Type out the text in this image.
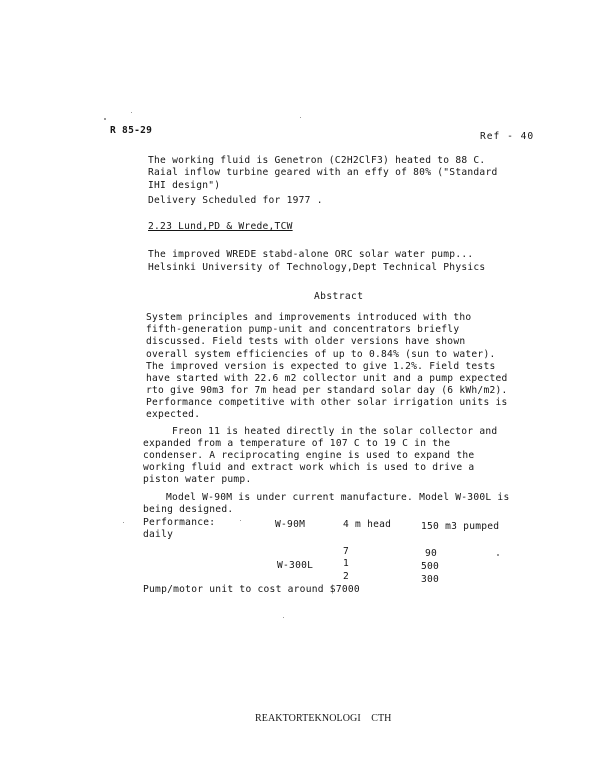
R 85-29
Ref - 40
The working fluid is Genetron (C2H2ClF3) heated to 88 C.
Raial inflow turbine geared with an effy of 80% ("Standard
IHI design")
Delivery Scheduled for 1977 .
2.23 Lund,PD & Wrede,TCW
The improved WREDE stabd-alone ORC solar water pump...
Helsinki University of Technology,Dept Technical Physics
Abstract
System principles and improvements introduced with tho
fifth-generation pump-unit and concentrators briefly
discussed. Field tests with older versions have shown
overall system efficiencies of up to 0.84% (sun to water).
The improved version is expected to give 1.2%. Field tests
have started with 22.6 m2 collector unit and a pump expected
rto give 90m3 for 7m head per standard solar day (6 kWh/m2).
Performance competitive with other solar irrigation units is
expected.
Freon 11 is heated directly in the solar collector and
expanded from a temperature of 107 C to 19 C in the
condenser. A reciprocating engine is used to expand the
working fluid and extract work which is used to drive a
piston water pump.
Model W-90M is under current manufacture. Model W-300L is
being designed.
Performance:
daily
W-90M	4 m head	150 m3 pumped
W-300L
7
1
2
90
500
300
Pump/motor unit to cost around $7000
REAKTORTEKNOLOGI    CTH
